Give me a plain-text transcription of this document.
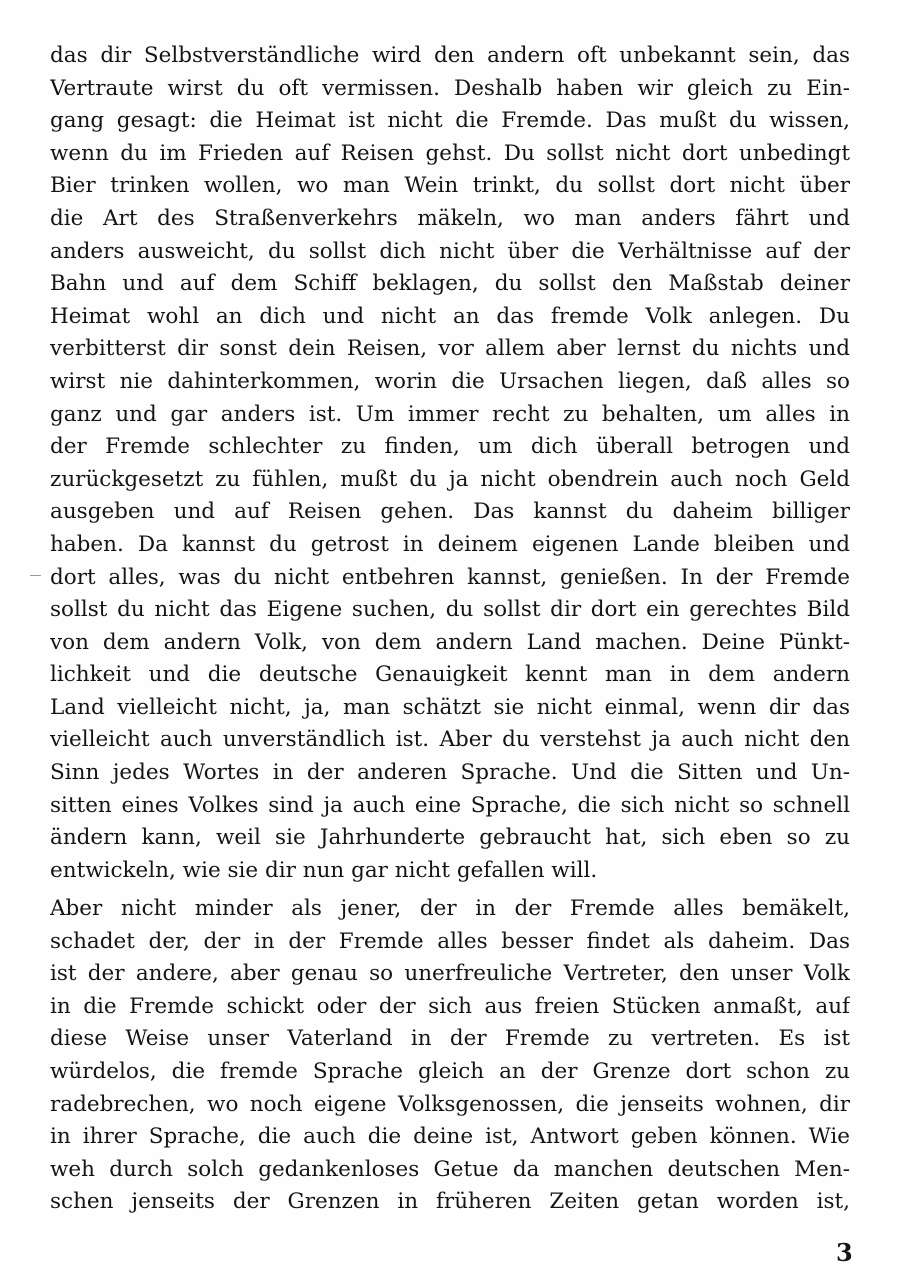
das dir Selbstverständliche wird den andern oft unbekannt sein, das
Vertraute wirst du oft vermissen. Deshalb haben wir gleich zu Ein-
gang gesagt: die Heimat ist nicht die Fremde. Das mußt du wissen,
wenn du im Frieden auf Reisen gehst. Du sollst nicht dort unbedingt
Bier trinken wollen, wo man Wein trinkt, du sollst dort nicht über
die Art des Straßenverkehrs mäkeln, wo man anders fährt und
anders ausweicht, du sollst dich nicht über die Verhältnisse auf der
Bahn und auf dem Schiff beklagen, du sollst den Maßstab deiner
Heimat wohl an dich und nicht an das fremde Volk anlegen. Du
verbitterst dir sonst dein Reisen, vor allem aber lernst du nichts und
wirst nie dahinterkommen, worin die Ursachen liegen, daß alles so
ganz und gar anders ist. Um immer recht zu behalten, um alles in
der Fremde schlechter zu finden, um dich überall betrogen und
zurückgesetzt zu fühlen, mußt du ja nicht obendrein auch noch Geld
ausgeben und auf Reisen gehen. Das kannst du daheim billiger
haben. Da kannst du getrost in deinem eigenen Lande bleiben und
dort alles, was du nicht entbehren kannst, genießen. In der Fremde
sollst du nicht das Eigene suchen, du sollst dir dort ein gerechtes Bild
von dem andern Volk, von dem andern Land machen. Deine Pünkt-
lichkeit und die deutsche Genauigkeit kennt man in dem andern
Land vielleicht nicht, ja, man schätzt sie nicht einmal, wenn dir das
vielleicht auch unverständlich ist. Aber du verstehst ja auch nicht den
Sinn jedes Wortes in der anderen Sprache. Und die Sitten und Un-
sitten eines Volkes sind ja auch eine Sprache, die sich nicht so schnell
ändern kann, weil sie Jahrhunderte gebraucht hat, sich eben so zu
entwickeln, wie sie dir nun gar nicht gefallen will.
Aber nicht minder als jener, der in der Fremde alles bemäkelt,
schadet der, der in der Fremde alles besser findet als daheim. Das
ist der andere, aber genau so unerfreuliche Vertreter, den unser Volk
in die Fremde schickt oder der sich aus freien Stücken anmaßt, auf
diese Weise unser Vaterland in der Fremde zu vertreten. Es ist
würdelos, die fremde Sprache gleich an der Grenze dort schon zu
radebrechen, wo noch eigene Volksgenossen, die jenseits wohnen, dir
in ihrer Sprache, die auch die deine ist, Antwort geben können. Wie
weh durch solch gedankenloses Getue da manchen deutschen Men-
schen jenseits der Grenzen in früheren Zeiten getan worden ist,
3
